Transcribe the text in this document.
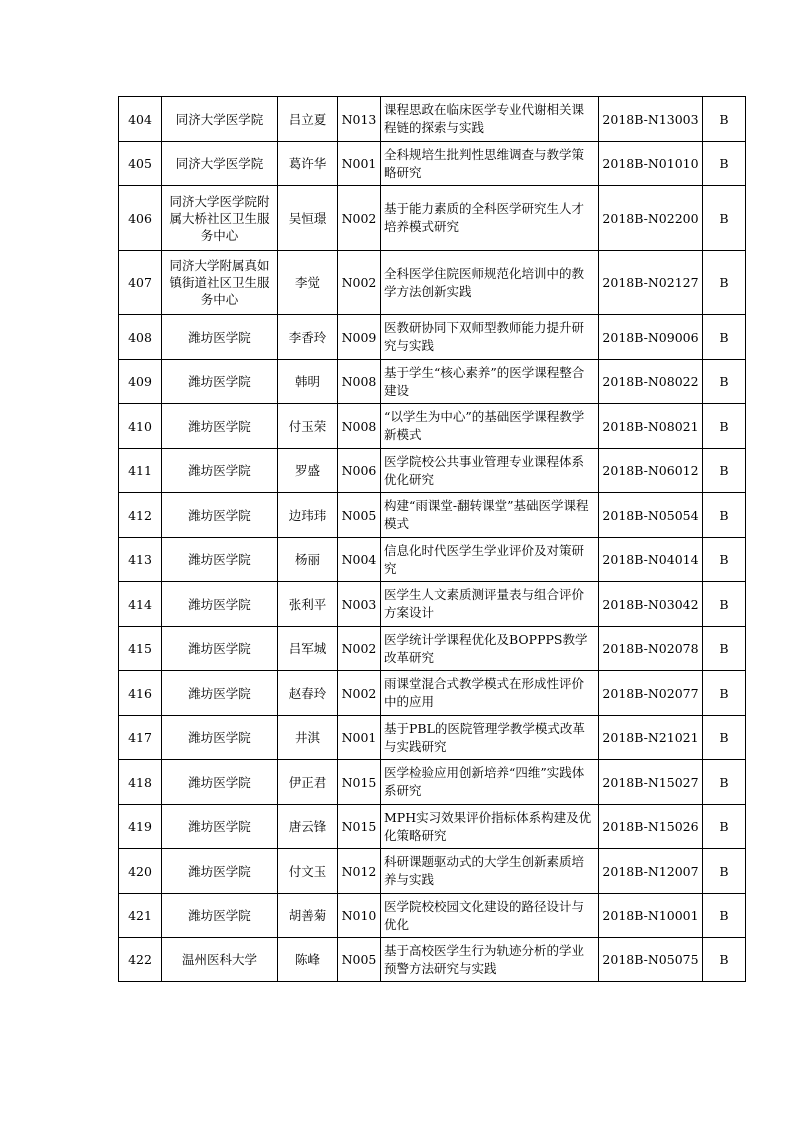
404	同济大学医学院	吕立夏	N013	课程思政在临床医学专业代谢相关课程链的探索与实践	2018B-N13003	B
405	同济大学医学院	葛许华	N001	全科规培生批判性思维调查与教学策略研究	2018B-N01010	B
406	同济大学医学院附属大桥社区卫生服务中心	吴恒璟	N002	基于能力素质的全科医学研究生人才培养模式研究	2018B-N02200	B
407	同济大学附属真如镇街道社区卫生服务中心	李觉	N002	全科医学住院医师规范化培训中的教学方法创新实践	2018B-N02127	B
408	潍坊医学院	李香玲	N009	医教研协同下双师型教师能力提升研究与实践	2018B-N09006	B
409	潍坊医学院	韩明	N008	基于学生“核心素养”的医学课程整合建设	2018B-N08022	B
410	潍坊医学院	付玉荣	N008	“以学生为中心”的基础医学课程教学新模式	2018B-N08021	B
411	潍坊医学院	罗盛	N006	医学院校公共事业管理专业课程体系优化研究	2018B-N06012	B
412	潍坊医学院	边玮玮	N005	构建“雨课堂-翻转课堂”基础医学课程模式	2018B-N05054	B
413	潍坊医学院	杨丽	N004	信息化时代医学生学业评价及对策研究	2018B-N04014	B
414	潍坊医学院	张利平	N003	医学生人文素质测评量表与组合评价方案设计	2018B-N03042	B
415	潍坊医学院	吕军城	N002	医学统计学课程优化及BOPPPS教学改革研究	2018B-N02078	B
416	潍坊医学院	赵春玲	N002	雨课堂混合式教学模式在形成性评价中的应用	2018B-N02077	B
417	潍坊医学院	井淇	N001	基于PBL的医院管理学教学模式改革与实践研究	2018B-N21021	B
418	潍坊医学院	伊正君	N015	医学检验应用创新培养“四维”实践体系研究	2018B-N15027	B
419	潍坊医学院	唐云锋	N015	MPH实习效果评价指标体系构建及优化策略研究	2018B-N15026	B
420	潍坊医学院	付文玉	N012	科研课题驱动式的大学生创新素质培养与实践	2018B-N12007	B
421	潍坊医学院	胡善菊	N010	医学院校校园文化建设的路径设计与优化	2018B-N10001	B
422	温州医科大学	陈峰	N005	基于高校医学生行为轨迹分析的学业预警方法研究与实践	2018B-N05075	B
